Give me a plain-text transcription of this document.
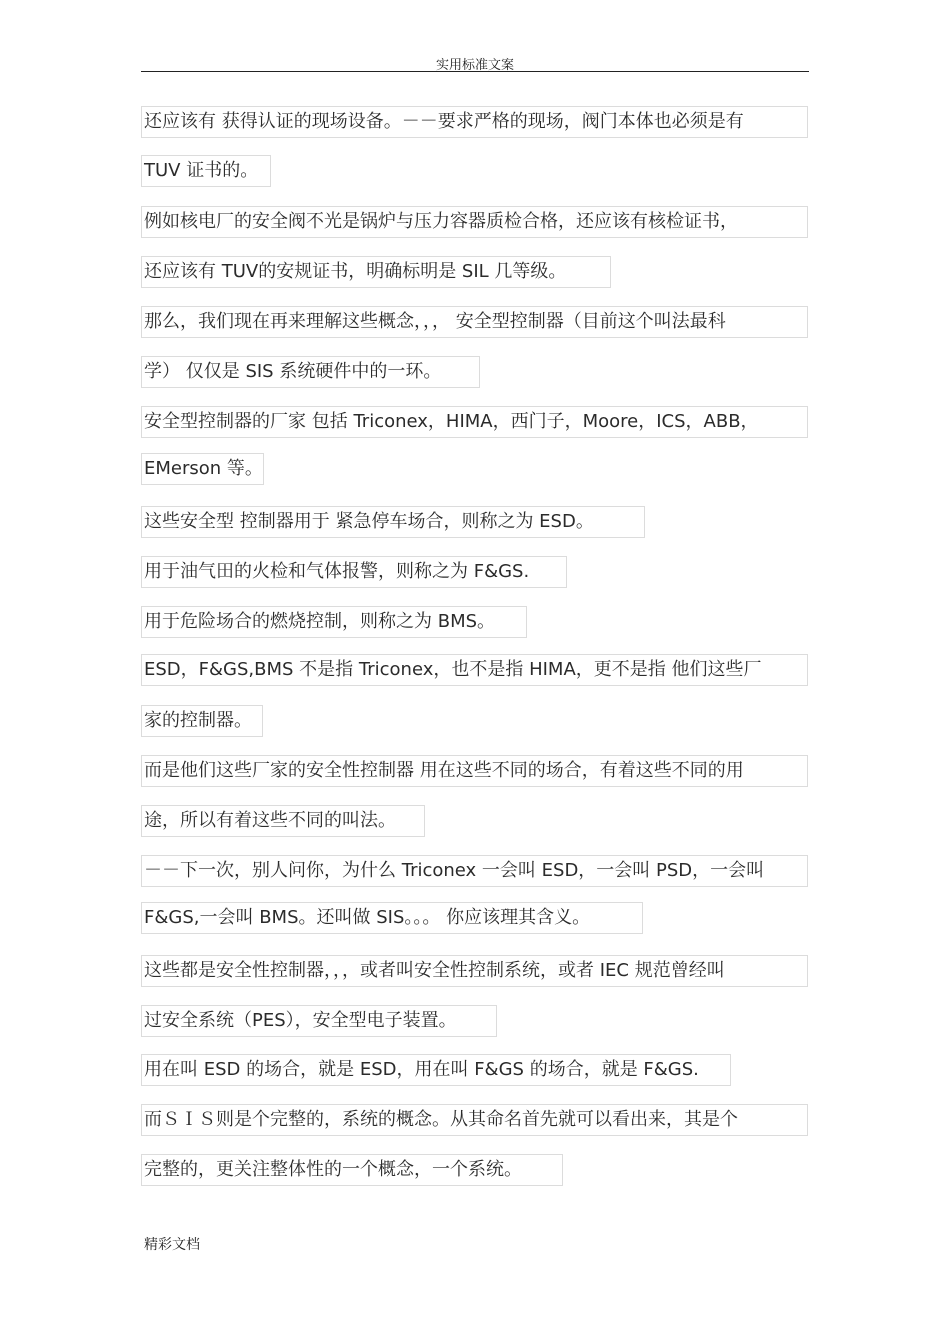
实用标准文案
还应该有 获得认证的现场设备。－－要求严格的现场，阀门本体也必须是有
TUV 证书的。
例如核电厂的安全阀不光是锅炉与压力容器质检合格，还应该有核检证书，
还应该有 TUV的安规证书，明确标明是 SIL 几等级。
那么，我们现在再来理解这些概念，，， 安全型控制器（目前这个叫法最科
学） 仅仅是 SIS 系统硬件中的一环。
安全型控制器的厂家 包括 Triconex，HIMA，西门子，Moore，ICS，ABB，
EMerson 等。
这些安全型 控制器用于 紧急停车场合，则称之为 ESD。
用于油气田的火检和气体报警，则称之为 F&GS.
用于危险场合的燃烧控制，则称之为 BMS。
ESD，F&GS,BMS 不是指 Triconex，也不是指 HIMA，更不是指 他们这些厂
家的控制器。
而是他们这些厂家的安全性控制器 用在这些不同的场合，有着这些不同的用
途，所以有着这些不同的叫法。
－－下一次，别人问你，为什么 Triconex 一会叫 ESD，一会叫 PSD，一会叫
F&GS,一会叫 BMS。还叫做 SIS。。。 你应该理其含义。
这些都是安全性控制器，，，或者叫安全性控制系统，或者 IEC 规范曾经叫
过安全系统（PES），安全型电子装置。
用在叫 ESD 的场合，就是 ESD，用在叫 F&GS 的场合，就是 F&GS.
而ＳＩＳ则是个完整的，系统的概念。从其命名首先就可以看出来，其是个
完整的，更关注整体性的一个概念，一个系统。
精彩文档
